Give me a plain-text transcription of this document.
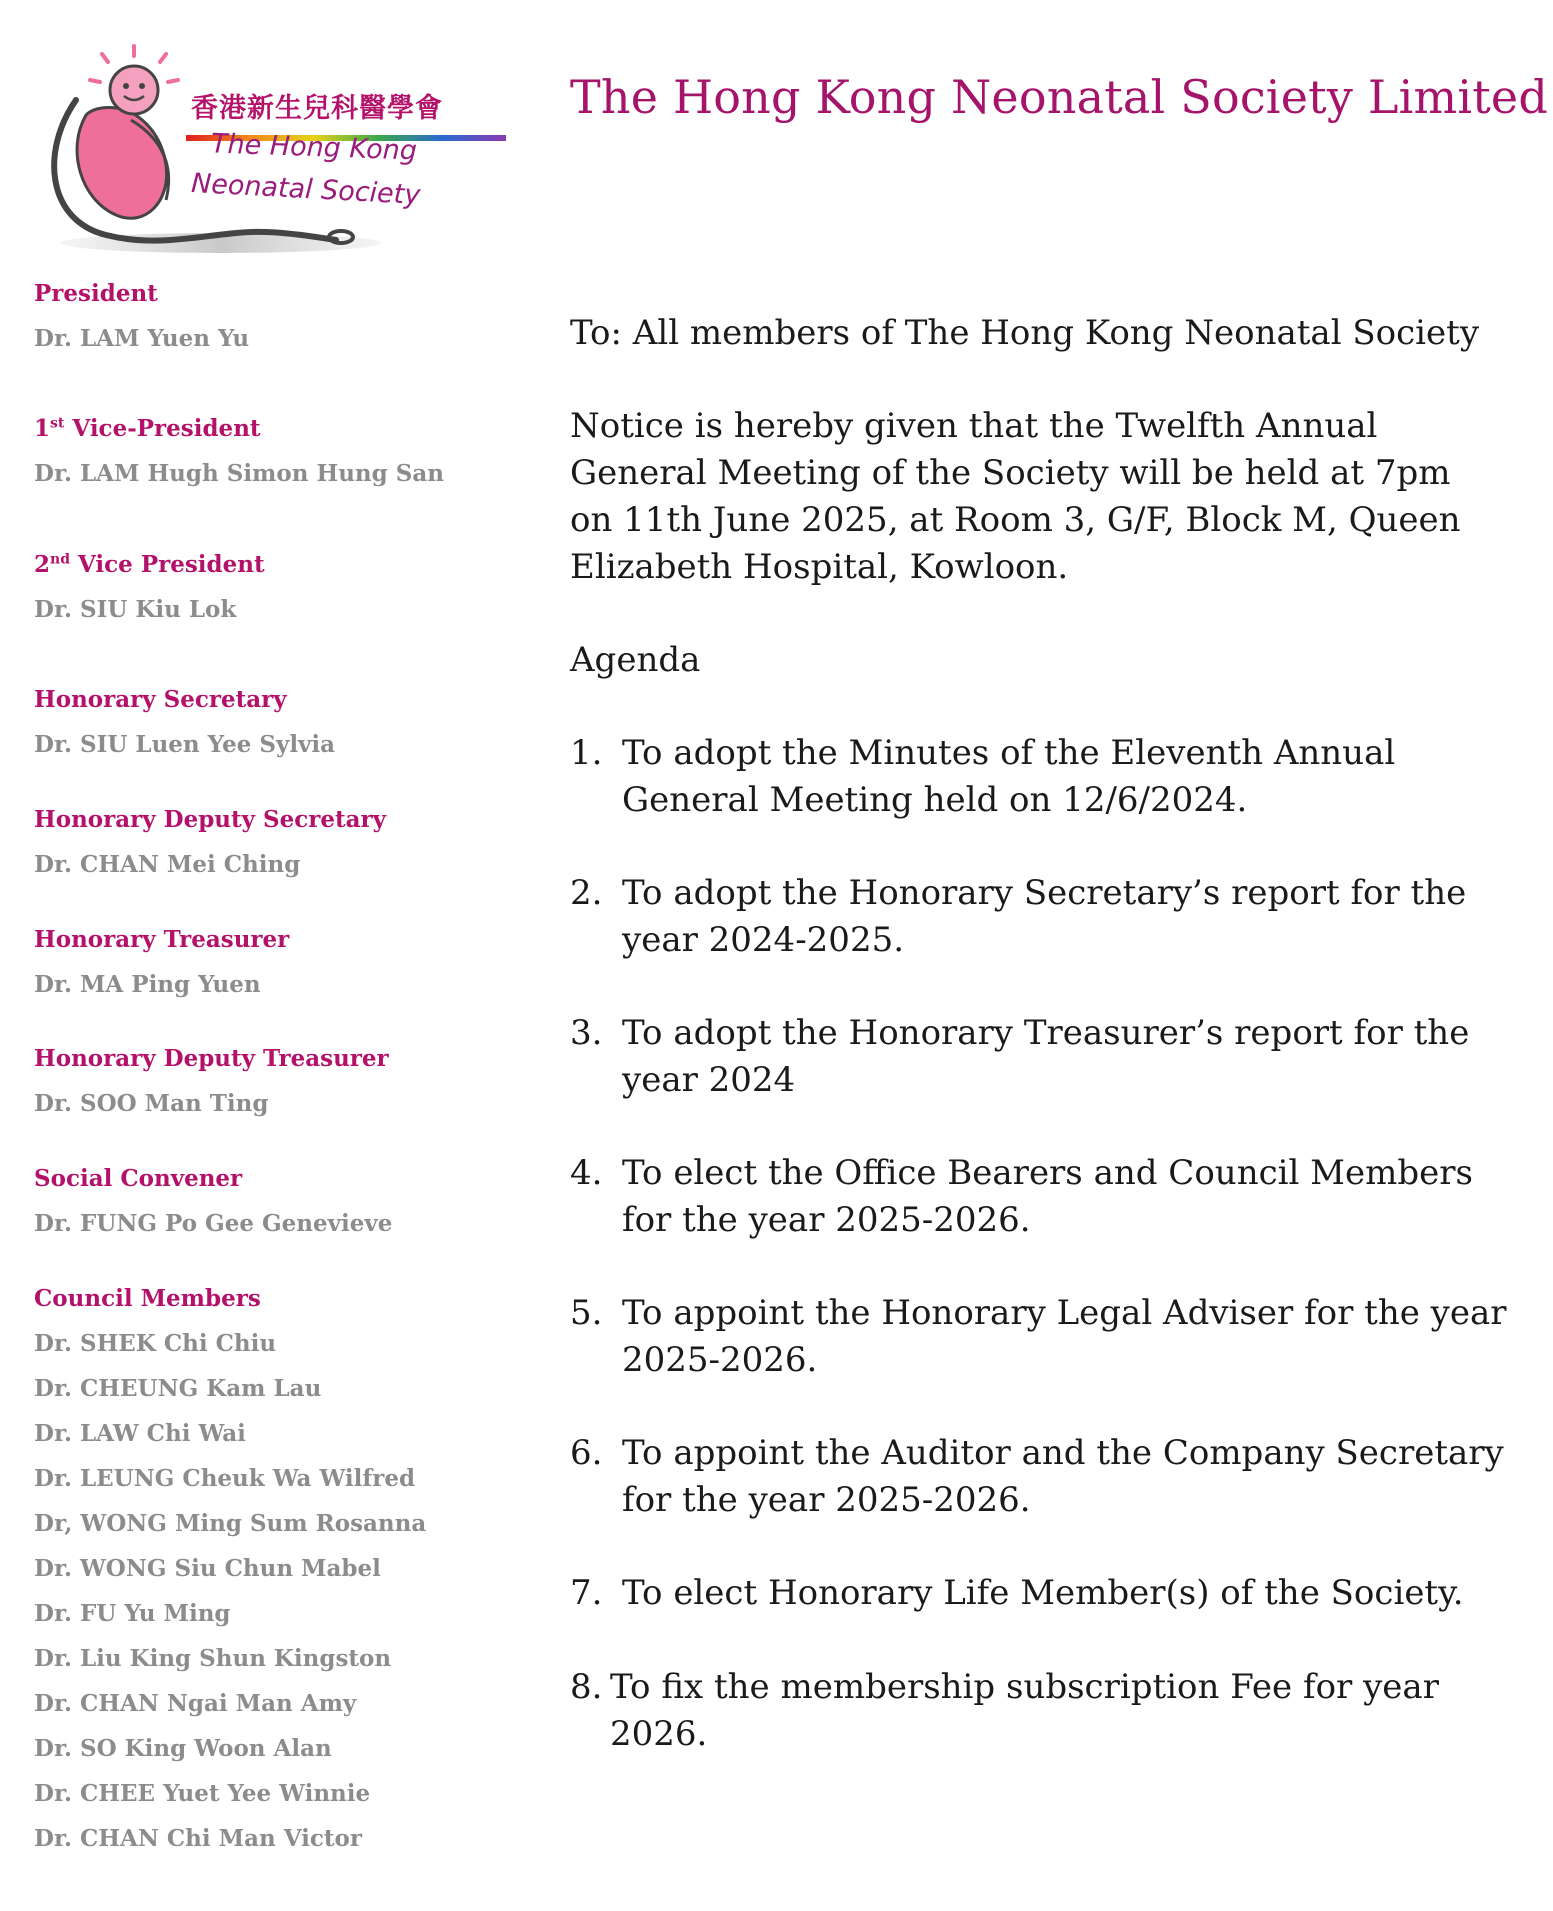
香港新生兒科醫學會
The Hong Kong
Neonatal Society
The Hong Kong Neonatal Society Limited
President
Dr. LAM Yuen Yu
1st Vice-President
Dr. LAM Hugh Simon Hung San
2nd Vice President
Dr. SIU Kiu Lok
Honorary Secretary
Dr. SIU Luen Yee Sylvia
Honorary Deputy Secretary
Dr. CHAN Mei Ching
Honorary Treasurer
Dr. MA Ping Yuen
Honorary Deputy Treasurer
Dr. SOO Man Ting
Social Convener
Dr. FUNG Po Gee Genevieve
Council Members
Dr. SHEK Chi Chiu
Dr. CHEUNG Kam Lau
Dr. LAW Chi Wai
Dr. LEUNG Cheuk Wa Wilfred
Dr, WONG Ming Sum Rosanna
Dr. WONG Siu Chun Mabel
Dr. FU Yu Ming
Dr. Liu King Shun Kingston
Dr. CHAN Ngai Man Amy
Dr. SO King Woon Alan
Dr. CHEE Yuet Yee Winnie
Dr. CHAN Chi Man Victor

To: All members of The Hong Kong Neonatal Society

Notice is hereby given that the Twelfth Annual General Meeting of the Society will be held at 7pm on 11th June 2025, at Room 3, G/F, Block M, Queen Elizabeth Hospital, Kowloon.

Agenda

1. To adopt the Minutes of the Eleventh Annual General Meeting held on 12/6/2024.
2. To adopt the Honorary Secretary’s report for the year 2024-2025.
3. To adopt the Honorary Treasurer’s report for the year 2024
4. To elect the Office Bearers and Council Members for the year 2025-2026.
5. To appoint the Honorary Legal Adviser for the year 2025-2026.
6. To appoint the Auditor and the Company Secretary for the year 2025-2026.
7. To elect Honorary Life Member(s) of the Society.
8. To fix the membership subscription Fee for year 2026.
